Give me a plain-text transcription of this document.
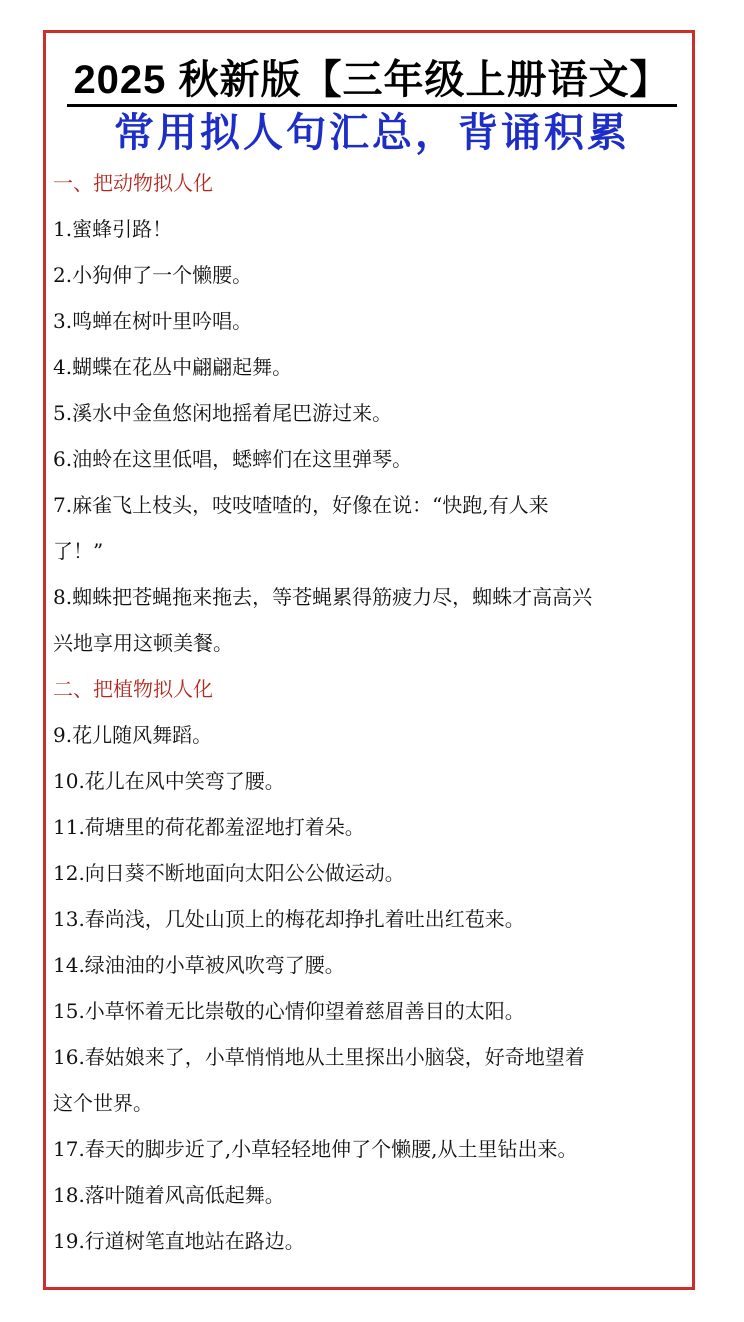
2025 秋新版【三年级上册语文】
常用拟人句汇总，背诵积累
一、把动物拟人化
1.蜜蜂引路！
2.小狗伸了一个懒腰。
3.鸣蝉在树叶里吟唱。
4.蝴蝶在花丛中翩翩起舞。
5.溪水中金鱼悠闲地摇着尾巴游过来。
6.油蛉在这里低唱，蟋蟀们在这里弹琴。
7.麻雀飞上枝头，吱吱喳喳的，好像在说：“快跑,有人来
了！”
8.蜘蛛把苍蝇拖来拖去，等苍蝇累得筋疲力尽，蜘蛛才高高兴
兴地享用这顿美餐。
二、把植物拟人化
9.花儿随风舞蹈。
10.花儿在风中笑弯了腰。
11.荷塘里的荷花都羞涩地打着朵。
12.向日葵不断地面向太阳公公做运动。
13.春尚浅，几处山顶上的梅花却挣扎着吐出红苞来。
14.绿油油的小草被风吹弯了腰。
15.小草怀着无比崇敬的心情仰望着慈眉善目的太阳。
16.春姑娘来了，小草悄悄地从土里探出小脑袋，好奇地望着
这个世界。
17.春天的脚步近了,小草轻轻地伸了个懒腰,从土里钻出来。
18.落叶随着风高低起舞。
19.行道树笔直地站在路边。
